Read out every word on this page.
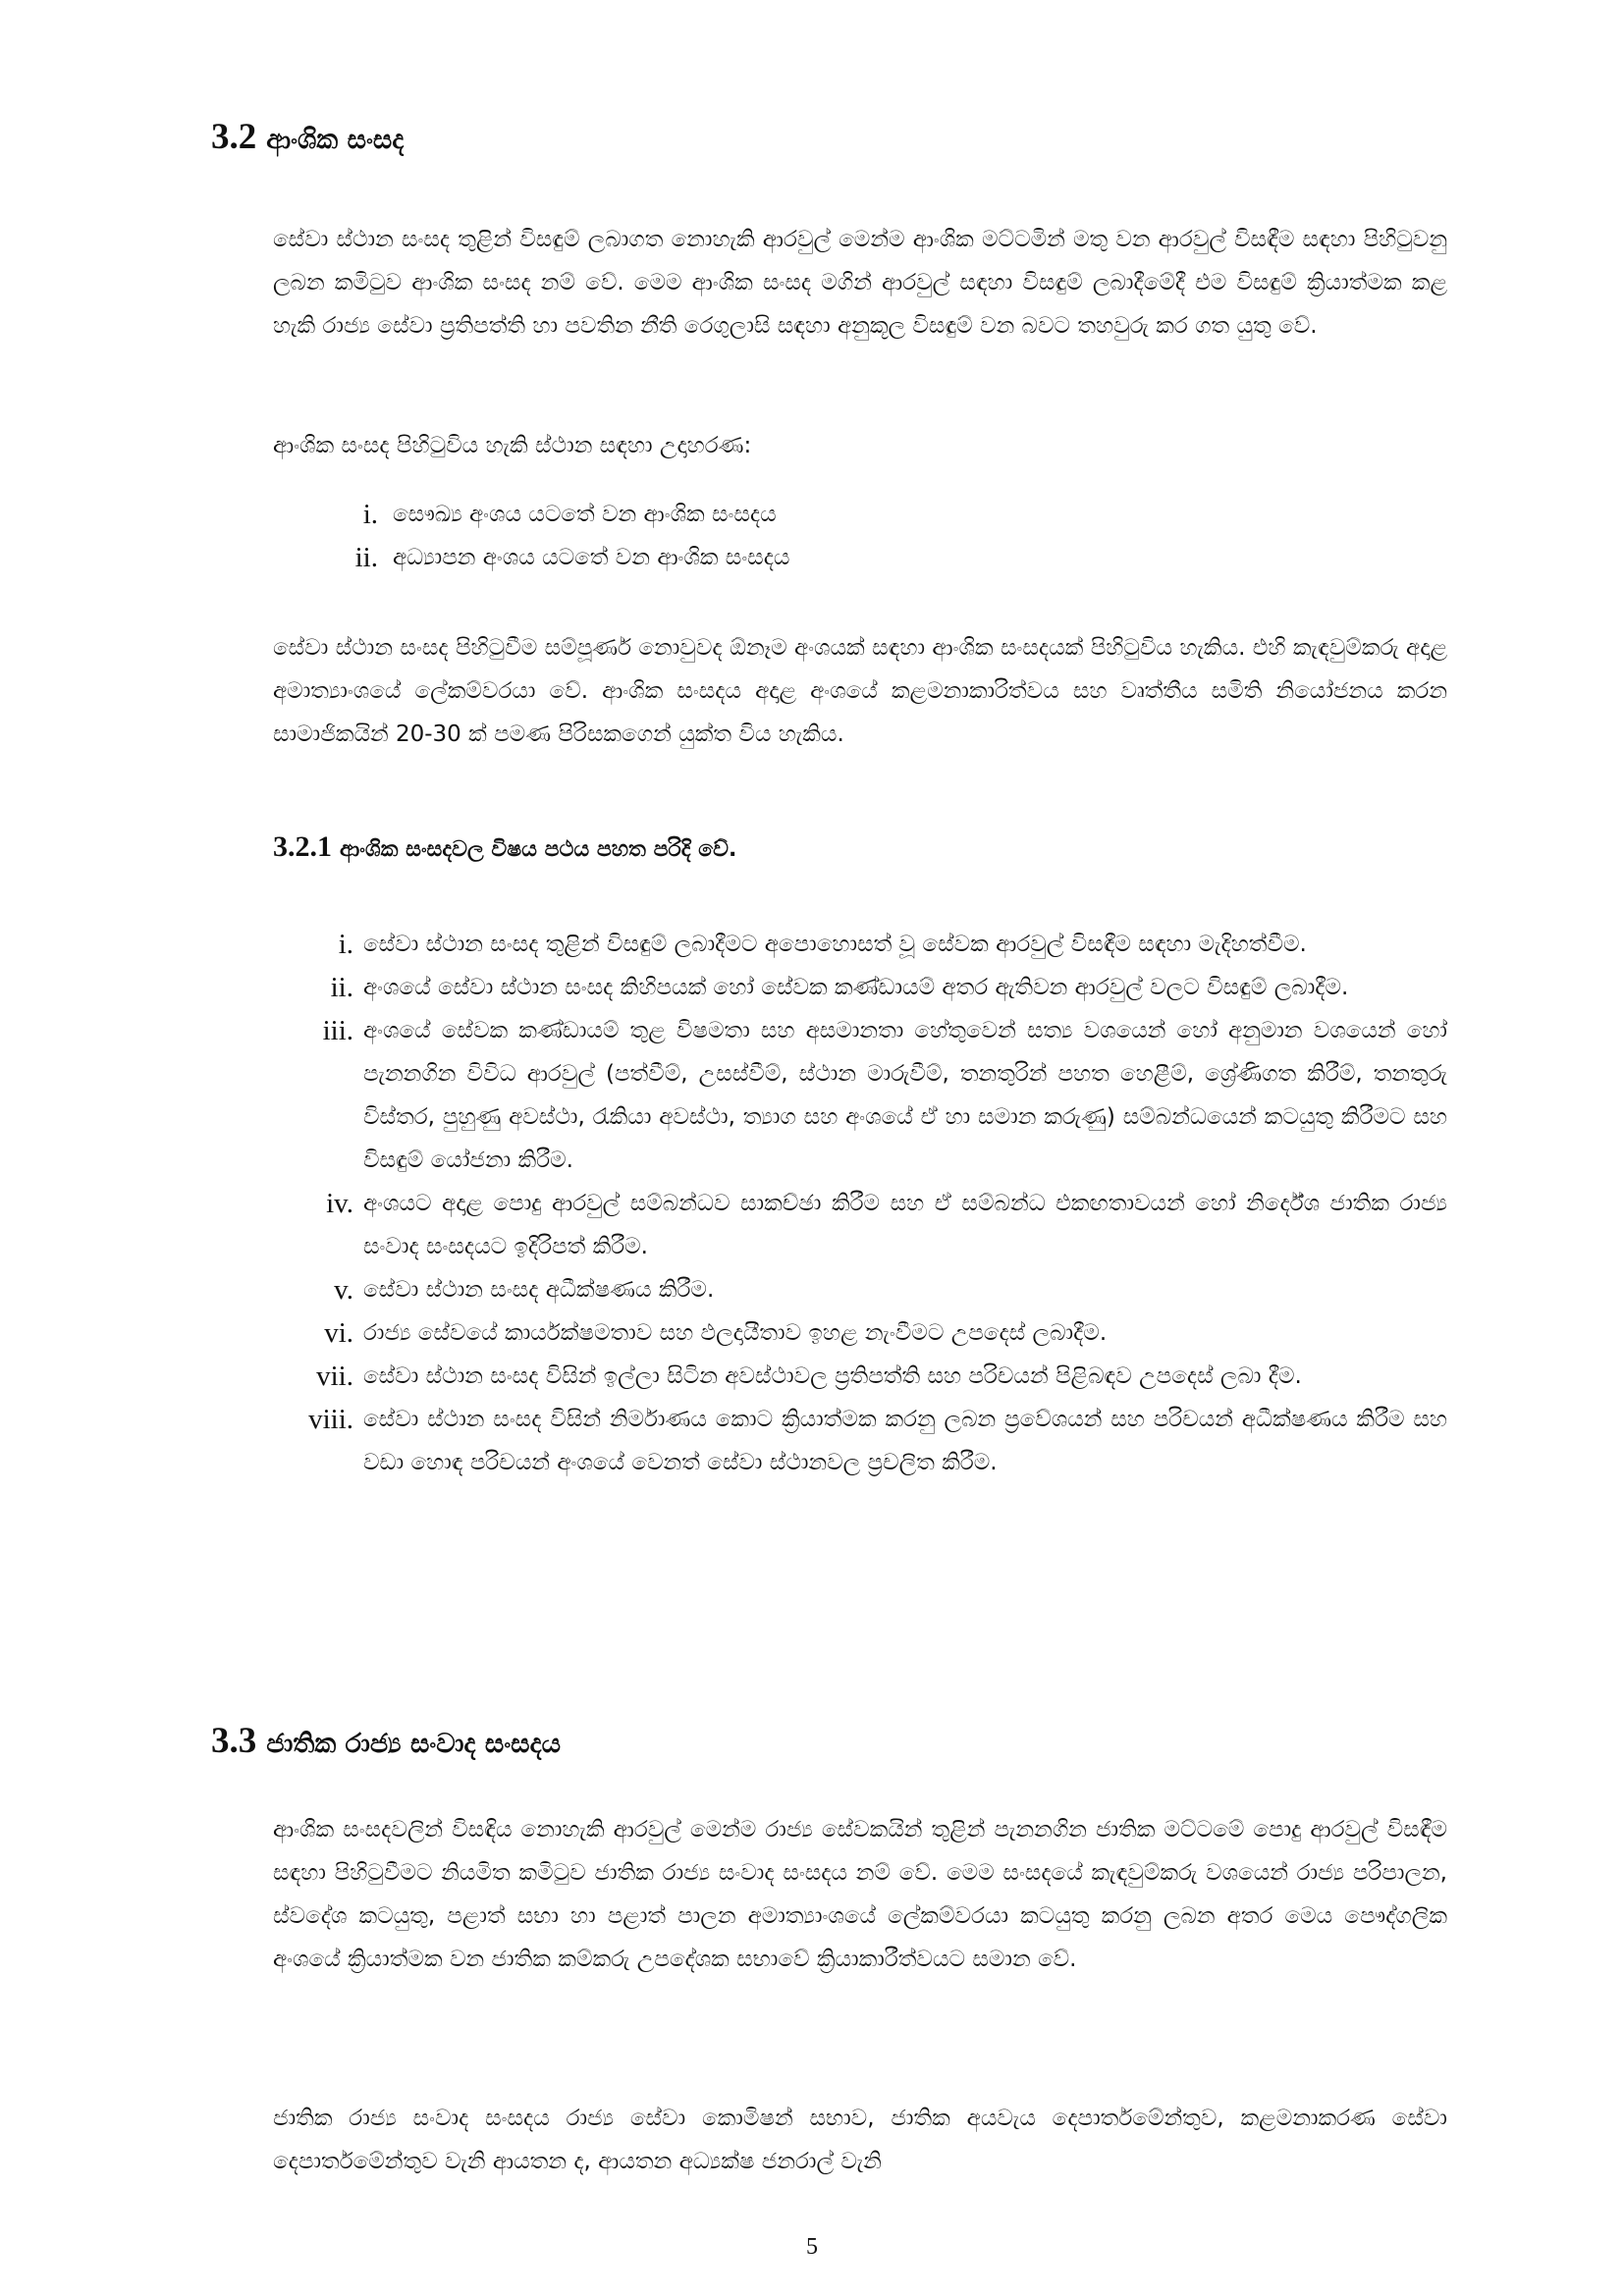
3.2 ආංශික සංසද

සේවා ස්ථාන සංසද තුළින් විසඳුම් ලබාගත නොහැකි ආරවුල් මෙන්ම ආංශික මට්ටමින් මතු වන ආරවුල් විසඳීම සඳහා පිහිටුවනු ලබන කමිටුව ආංශික සංසද නම් වේ. මෙම ආංශික සංසද මගින් ආරවුල් සඳහා විසඳුම් ලබාදීමේදී එම විසඳුම් ක්‍රියාත්මක කළ හැකි රාජ්‍ය සේවා ප්‍රතිපත්ති හා පවතින නීති රෙගුලාසි සඳහා අනුකූල විසඳුම් වන බවට තහවුරු කර ගත යුතු වේ.

ආංශික සංසද පිහිටුවිය හැකි ස්ථාන සඳහා උදාහරණ:
i. සෞඛ්‍ය අංශය යටතේ වන ආංශික සංසදය
ii. අධ්‍යාපන අංශය යටතේ වන ආංශික සංසදය

සේවා ස්ථාන සංසද පිහිටුවීම සම්පූර්ණ නොවුවද ඕනෑම අංශයක් සඳහා ආංශික සංසදයක් පිහිටුවිය හැකිය. එහි කැඳවුම්කරු අදාළ අමාත්‍යාංශයේ ලේකම්වරයා වේ. ආංශික සංසදය අදාළ අංශයේ කළමනාකාරිත්වය සහ වෘත්තීය සමිති නියෝජනය කරන සාමාජිකයින් 20-30 ක් පමණ පිරිසකගෙන් යුක්ත විය හැකිය.

3.2.1 ආංශික සංසදවල විෂය පථය පහත පරිදි වේ.
i. සේවා ස්ථාන සංසද තුළින් විසඳුම් ලබාදීමට අපොහොසත් වූ සේවක ආරවුල් විසඳීම සඳහා මැදිහත්වීම.
ii. අංශයේ සේවා ස්ථාන සංසද කිහිපයක් හෝ සේවක කණ්ඩායම් අතර ඇතිවන ආරවුල් වලට විසඳුම් ලබාදීම.
iii. අංශයේ සේවක කණ්ඩායම් තුළ විෂමතා සහ අසමානතා හේතුවෙන් සත්‍ය වශයෙන් හෝ අනුමාන වශයෙන් හෝ පැනනගින විවිධ ආරවුල් (පත්වීම්, උසස්වීම්, ස්ථාන මාරුවීම්, තනතුරින් පහත හෙළීම්, ශ්‍රේණිගත කිරීම්, තනතුරු විස්තර, පුහුණු අවස්ථා, රැකියා අවස්ථා, ත්‍යාග සහ අංශයේ ඒ හා සමාන කරුණු) සම්බන්ධයෙන් කටයුතු කිරීමට සහ විසඳුම් යෝජනා කිරීම.
iv. අංශයට අදාළ පොදු ආරවුල් සම්බන්ධව සාකච්ඡා කිරීම සහ ඒ සම්බන්ධ එකඟතාවයන් හෝ නිර්දේශ ජාතික රාජ්‍ය සංවාද සංසදයට ඉදිරිපත් කිරීම.
v. සේවා ස්ථාන සංසද අධීක්ෂණය කිරීම.
vi. රාජ්‍ය සේවයේ කාර්යක්ෂමතාව සහ ඵලදායීතාව ඉහළ නැංවීමට උපදෙස් ලබාදීම.
vii. සේවා ස්ථාන සංසද විසින් ඉල්ලා සිටින අවස්ථාවල ප්‍රතිපත්ති සහ පරිචයන් පිළිබඳව උපදෙස් ලබා දීම.
viii. සේවා ස්ථාන සංසද විසින් නිර්මාණය කොට ක්‍රියාත්මක කරනු ලබන ප්‍රවේශයන් සහ පරිචයන් අධීක්ෂණය කිරීම සහ වඩා හොඳ පරිචයන් අංශයේ වෙනත් සේවා ස්ථානවල ප්‍රචලිත කිරීම.
3.3 ජාතික රාජ්‍ය සංවාද සංසදය

ආංශික සංසදවලින් විසඳිය නොහැකි ආරවුල් මෙන්ම රාජ්‍ය සේවකයින් තුළින් පැනනගින ජාතික මට්ටමේ පොදු ආරවුල් විසඳීම සඳහා පිහිටුවීමට නියමිත කමිටුව ජාතික රාජ්‍ය සංවාද සංසදය නම් වේ. මෙම සංසදයේ කැඳවුම්කරු වශයෙන් රාජ්‍ය පරිපාලන, ස්වදේශ කටයුතු, පළාත් සභා හා පළාත් පාලන අමාත්‍යාංශයේ ලේකම්වරයා කටයුතු කරනු ලබන අතර මෙය පෞද්ගලික අංශයේ ක්‍රියාත්මක වන ජාතික කම්කරු උපදේශක සභාවේ ක්‍රියාකාරීත්වයට සමාන වේ.

ජාතික රාජ්‍ය සංවාද සංසදය රාජ්‍ය සේවා කොමිෂන් සභාව, ජාතික අයවැය දෙපාර්තමේන්තුව, කළමනාකරණ සේවා දෙපාර්තමේන්තුව වැනි ආයතන ද, ආයතන අධ්‍යක්ෂ ජනරාල් වැනි

5
